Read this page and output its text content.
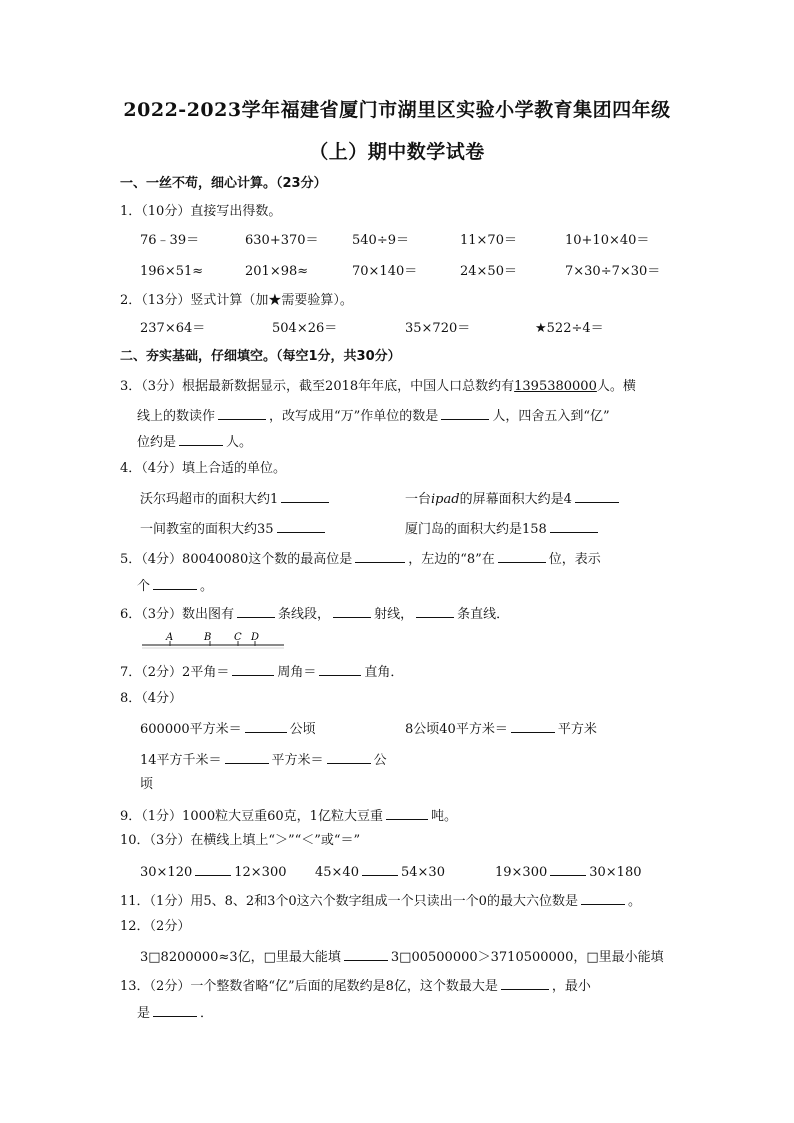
2022-2023学年福建省厦门市湖里区实验小学教育集团四年级
（上）期中数学试卷
一、一丝不苟，细心计算。（23分）
1．（10分）直接写出得数。
76﹣39＝	630+370＝	540÷9＝	11×70＝	10+10×40＝
196×51≈	201×98≈	70×140＝	24×50＝	7×30÷7×30＝
2．（13分）竖式计算（加★需要验算）。
237×64＝	504×26＝	35×720＝	★522÷4＝
二、夯实基础，仔细填空。（每空1分，共30分）
3．（3分）根据最新数据显示，截至2018年年底，中国人口总数约有1395380000人。横
线上的数读作	，改写成用“万”作单位的数是	人，四舍五入到“亿”
位约是	人。
4．（4分）填上合适的单位。
沃尔玛超市的面积大约1	一台ipad的屏幕面积大约是4
一间教室的面积大约35	厦门岛的面积大约是158
5．（4分）80040080这个数的最高位是	，左边的“8”在	位，表示
个	。
6．（3分）数出图有	条线段，	射线，	条直线．
A	B C D
7．（2分）2平角＝	周角＝	直角．
8．（4分）
600000平方米＝	公顷	8公顷40平方米＝	平方米
14平方千米＝	平方米＝	公
顷
9．（1分）1000粒大豆重60克，1亿粒大豆重	吨。
10．（3分）在横线上填上“＞”“＜”或“＝”
30×120	12×300 45×40	54×30	19×300	30×180
11．（1分）用5、8、2和3个0这六个数字组成一个只读出一个0的最大六位数是	。
12．（2分）
3□8200000≈3亿，□里最大能填	3□00500000＞3710500000，□里最小能填
13．（2分）一个整数省略“亿”后面的尾数约是8亿，这个数最大是	，最小
是	．
